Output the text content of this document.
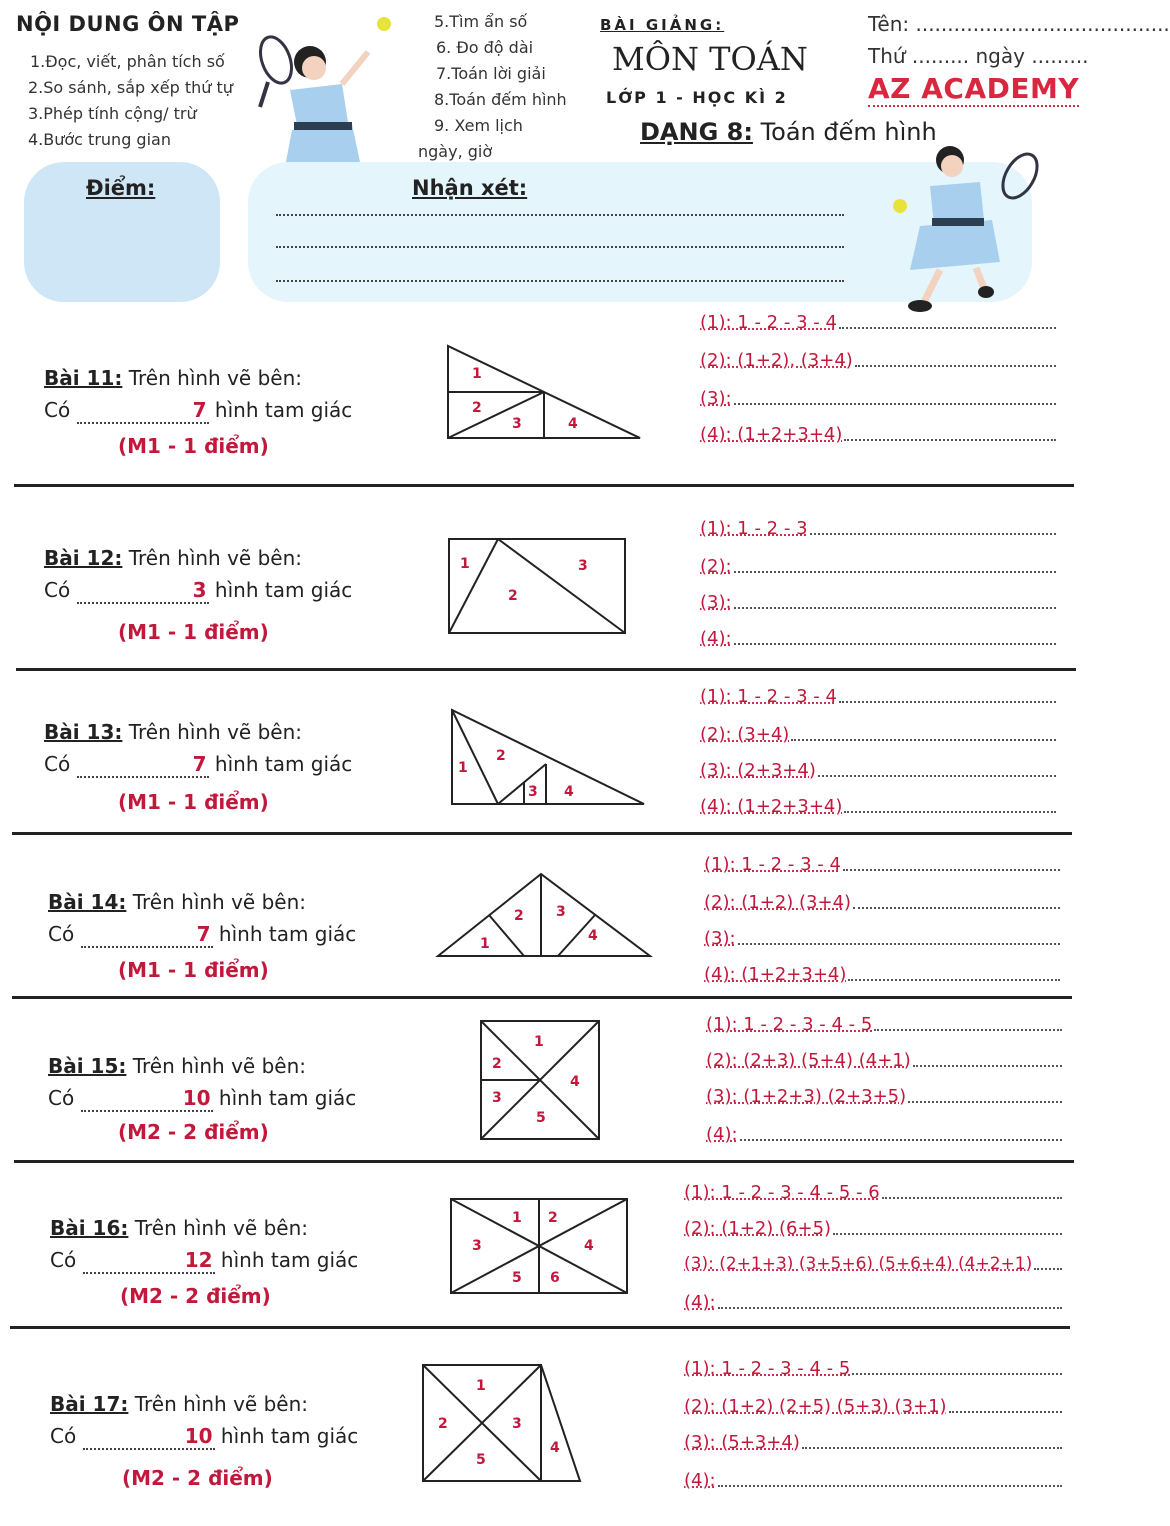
NỘI DUNG ÔN TẬP
1.Đọc, viết, phân tích số
2.So sánh, sắp xếp thứ tự
3.Phép tính cộng/ trừ
4.Bước trung gian
5.Tìm ẩn số
6. Đo độ dài
7.Toán lời giải
8.Toán đếm hình
9. Xem lịch
ngày, giờ
BÀI GIẢNG:
MÔN TOÁN
LỚP 1 - HỌC KÌ 2
Tên: ........................................
Thứ ......... ngày .........
AZ ACADEMY
DẠNG 8: Toán đếm hình
Điểm:	Nhận xét:
Bài 11: Trên hình vẽ bên:
Có	7 hình tam giác
(M1 - 1 điểm)
1
2
3	4
(1): 1 - 2 - 3 - 4
(2): (1+2), (3+4)
(3):
(4): (1+2+3+4)
Bài 12: Trên hình vẽ bên:
Có	3 hình tam giác
(M1 - 1 điểm)
1
2
3
(1): 1 - 2 - 3
(2):
(3):
(4):
Bài 13: Trên hình vẽ bên:
Có	7 hình tam giác
(M1 - 1 điểm)
1
2
3 4
(1): 1 - 2 - 3 - 4
(2): (3+4)
(3): (2+3+4)
(4): (1+2+3+4)
Bài 14: Trên hình vẽ bên:
Có	7 hình tam giác
(M1 - 1 điểm)
1
2 3
4
(1): 1 - 2 - 3 - 4
(2): (1+2) (3+4)
(3):
(4): (1+2+3+4)
Bài 15: Trên hình vẽ bên:
Có	10 hình tam giác
(M2 - 2 điểm)
1
2
3
4
5
(1): 1 - 2 - 3 - 4 - 5
(2): (2+3) (5+4) (4+1)
(3): (1+2+3) (2+3+5)
(4):
Bài 16: Trên hình vẽ bên:
Có	12 hình tam giác
(M2 - 2 điểm)
1 2
3	4
5 6
(1): 1 - 2 - 3 - 4 - 5 - 6
(2): (1+2) (6+5)
(3): (2+1+3) (3+5+6) (5+6+4) (4+2+1)
(4):
Bài 17: Trên hình vẽ bên:
Có	10 hình tam giác
(M2 - 2 điểm)
1
2	3
4
5
(1): 1 - 2 - 3 - 4 - 5
(2): (1+2) (2+5) (5+3) (3+1)
(3): (5+3+4)
(4):
